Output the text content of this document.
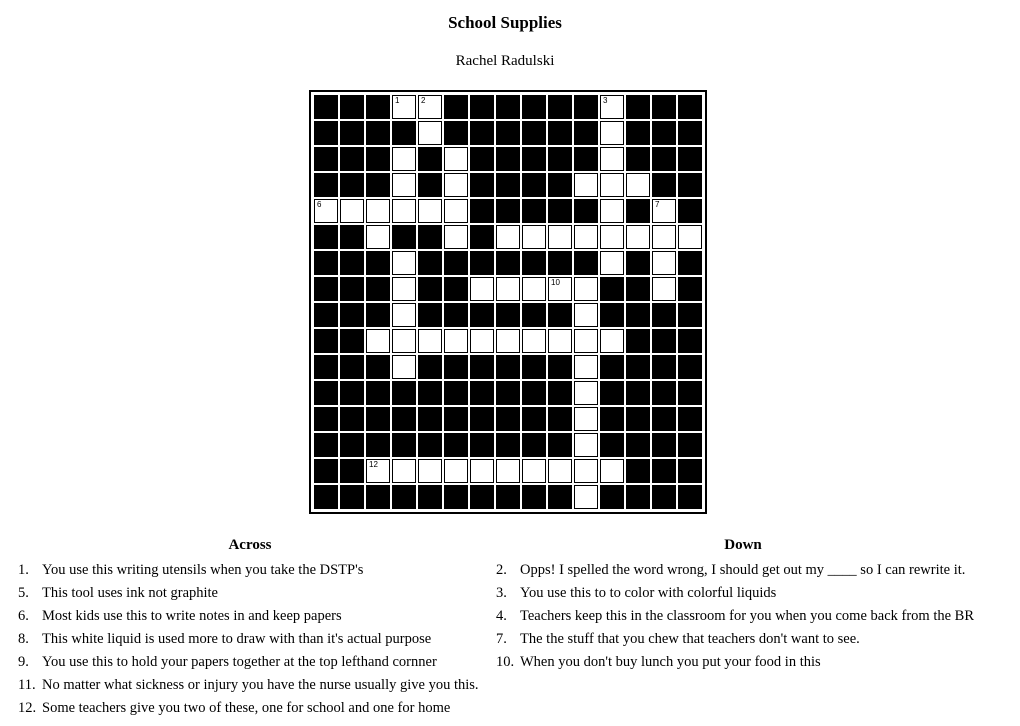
School Supplies
Rachel Radulski
1	2	3
6	7
10
12
Across	Down
1. You use this writing utensils when you take the DSTP's
5. This tool uses ink not graphite
6. Most kids use this to write notes in and keep papers
8. This white liquid is used more to draw with than it's actual purpose
9. You use this to hold your papers together at the top lefthand cornner
11. No matter what sickness or injury you have the nurse usually give you this.
12. Some teachers give you two of these, one for school and one for home
2. Opps! I spelled the word wrong, I should get out my ____ so I can rewrite it.
3. You use this to to color with colorful liquids
4. Teachers keep this in the classroom for you when you come back from the BR
7. The the stuff that you chew that teachers don't want to see.
10. When you don't buy lunch you put your food in this
